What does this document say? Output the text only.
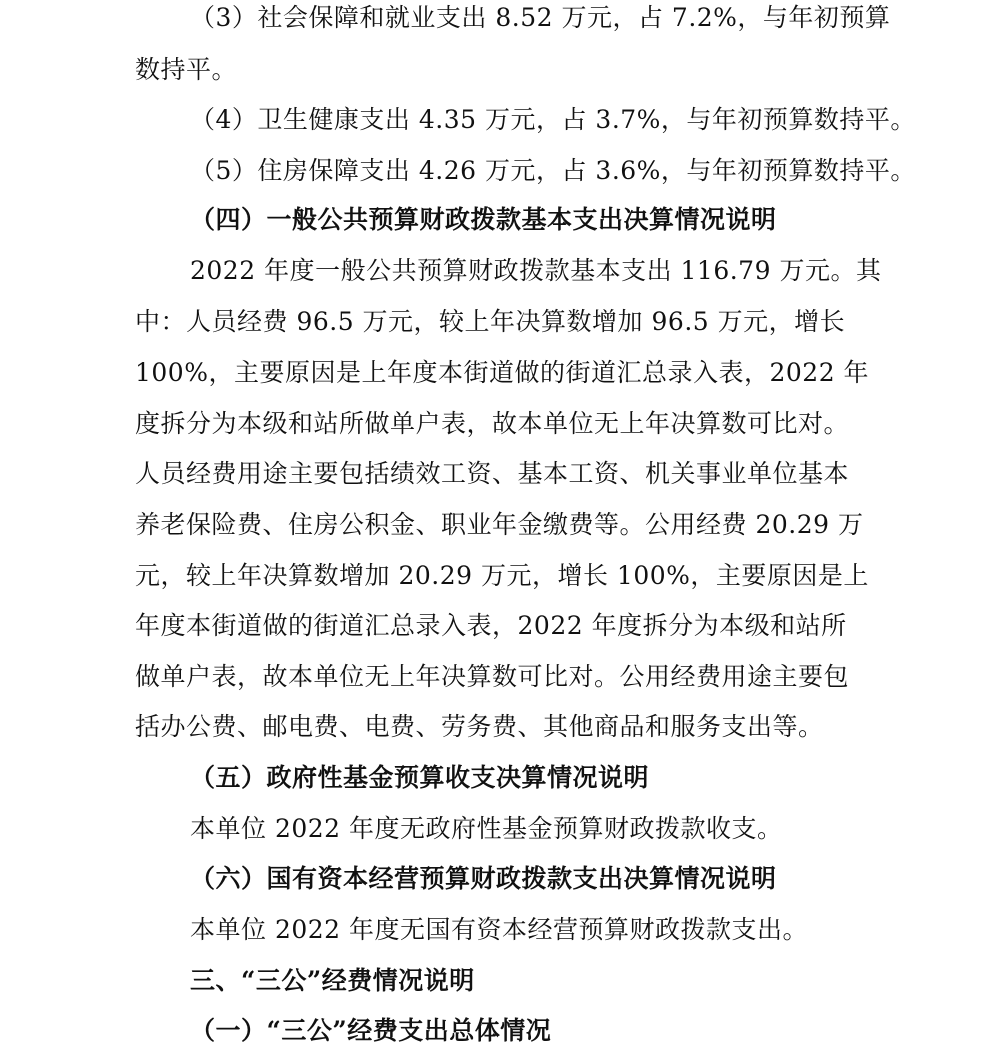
（3）社会保障和就业支出 8.52 万元，占 7.2%，与年初预算
数持平。
（4）卫生健康支出 4.35 万元，占 3.7%，与年初预算数持平。
（5）住房保障支出 4.26 万元，占 3.6%，与年初预算数持平。
（四）一般公共预算财政拨款基本支出决算情况说明
2022 年度一般公共预算财政拨款基本支出 116.79 万元。其
中：人员经费 96.5 万元，较上年决算数增加 96.5 万元，增长
100%，主要原因是上年度本街道做的街道汇总录入表，2022 年
度拆分为本级和站所做单户表，故本单位无上年决算数可比对。
人员经费用途主要包括绩效工资、基本工资、机关事业单位基本
养老保险费、住房公积金、职业年金缴费等。公用经费 20.29 万
元，较上年决算数增加 20.29 万元，增长 100%，主要原因是上
年度本街道做的街道汇总录入表，2022 年度拆分为本级和站所
做单户表，故本单位无上年决算数可比对。公用经费用途主要包
括办公费、邮电费、电费、劳务费、其他商品和服务支出等。
（五）政府性基金预算收支决算情况说明
本单位 2022 年度无政府性基金预算财政拨款收支。
（六）国有资本经营预算财政拨款支出决算情况说明
本单位 2022 年度无国有资本经营预算财政拨款支出。
三、“三公”经费情况说明
（一）“三公”经费支出总体情况
